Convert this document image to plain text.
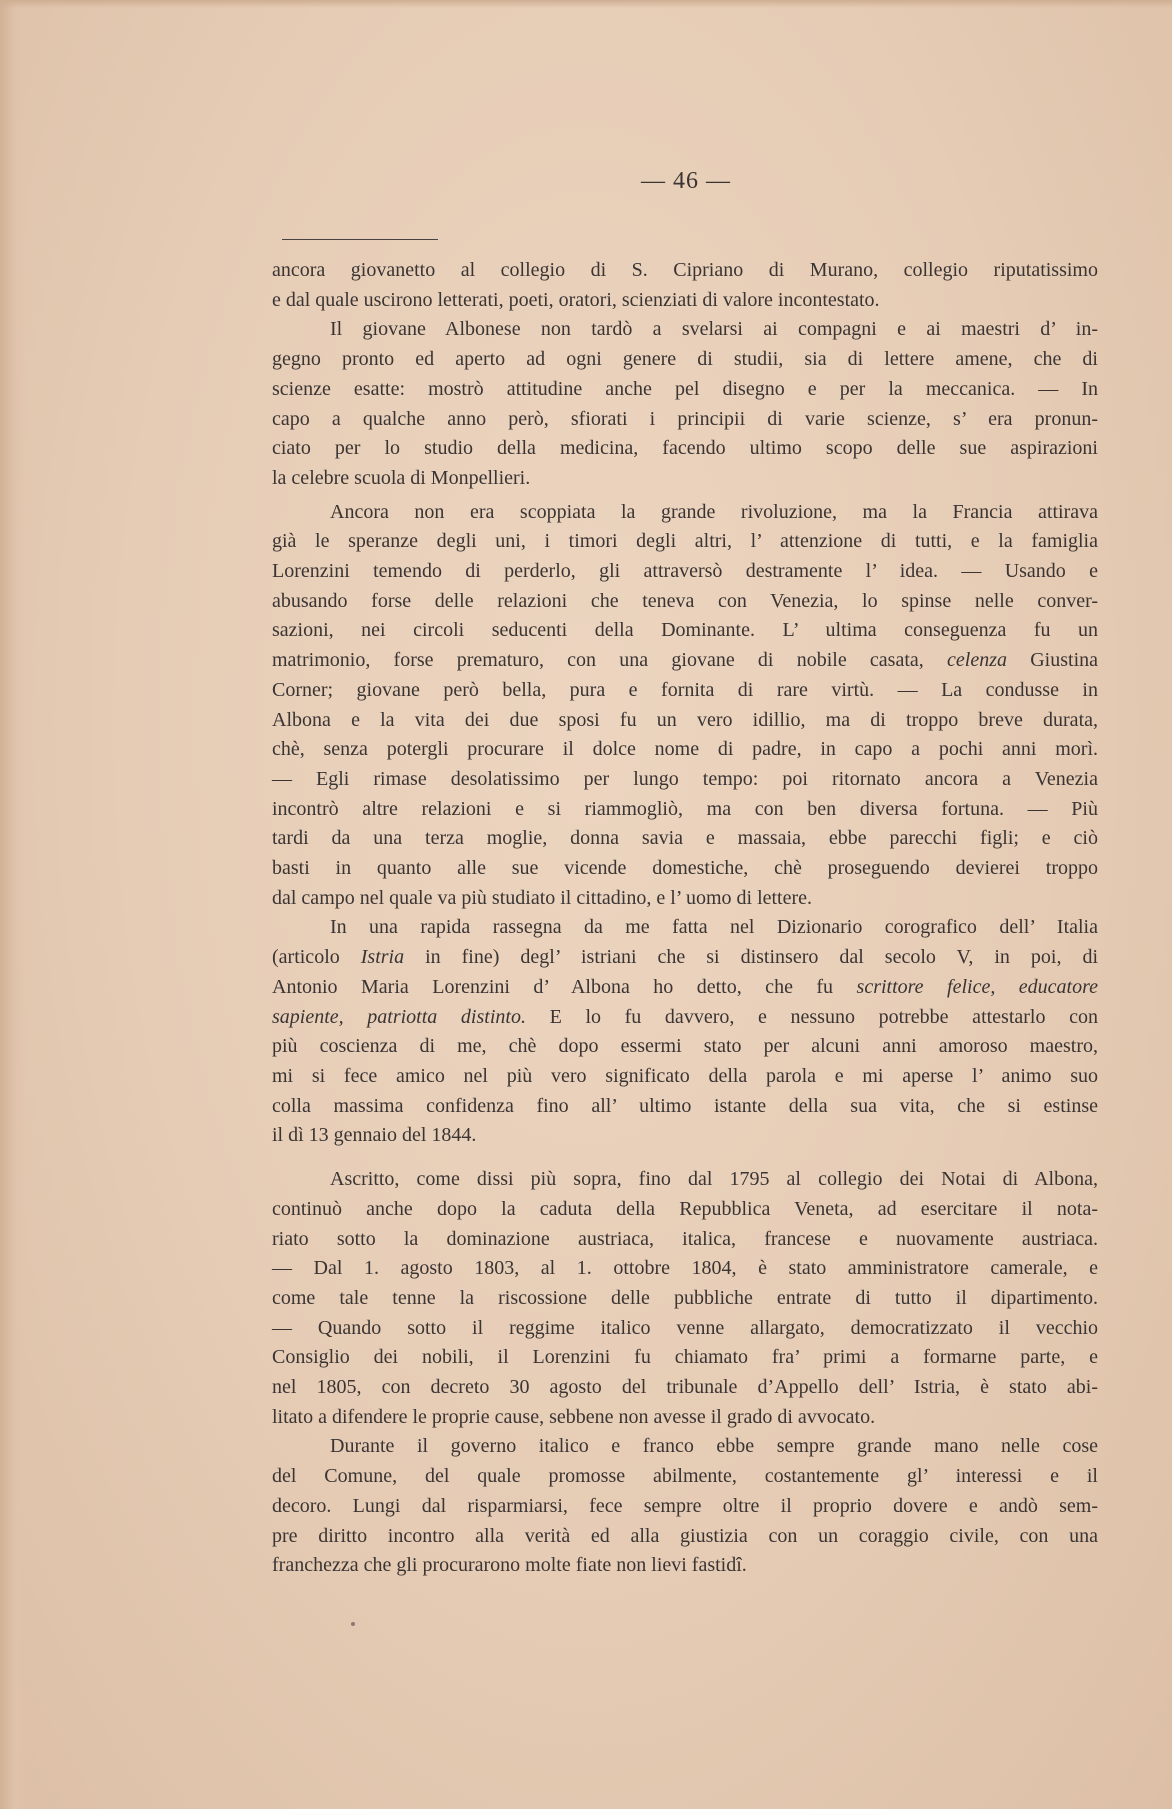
— 46 —
ancora giovanetto al collegio di S. Cipriano di Murano, collegio riputatissimo
e dal quale uscirono letterati, poeti, oratori, scienziati di valore incontestato.
Il giovane Albonese non tardò a svelarsi ai compagni e ai maestri d’ in-
gegno pronto ed aperto ad ogni genere di studii, sia di lettere amene, che di
scienze esatte: mostrò attitudine anche pel disegno e per la meccanica. — In
capo a qualche anno però, sfiorati i principii di varie scienze, s’ era pronun-
ciato per lo studio della medicina, facendo ultimo scopo delle sue aspirazioni
la celebre scuola di Monpellieri.
Ancora non era scoppiata la grande rivoluzione, ma la Francia attirava
già le speranze degli uni, i timori degli altri, l’ attenzione di tutti, e la famiglia
Lorenzini temendo di perderlo, gli attraversò destramente l’ idea. — Usando e
abusando forse delle relazioni che teneva con Venezia, lo spinse nelle conver-
sazioni, nei circoli seducenti della Dominante. L’ ultima conseguenza fu un
matrimonio, forse prematuro, con una giovane di nobile casata, celenza Giustina
Corner; giovane però bella, pura e fornita di rare virtù. — La condusse in
Albona e la vita dei due sposi fu un vero idillio, ma di troppo breve durata,
chè, senza potergli procurare il dolce nome di padre, in capo a pochi anni morì.
— Egli rimase desolatissimo per lungo tempo: poi ritornato ancora a Venezia
incontrò altre relazioni e si riammogliò, ma con ben diversa fortuna. — Più
tardi da una terza moglie, donna savia e massaia, ebbe parecchi figli; e ciò
basti in quanto alle sue vicende domestiche, chè proseguendo devierei troppo
dal campo nel quale va più studiato il cittadino, e l’ uomo di lettere.
In una rapida rassegna da me fatta nel Dizionario corografico dell’ Italia
(articolo Istria in fine) degl’ istriani che si distinsero dal secolo V, in poi, di
Antonio Maria Lorenzini d’ Albona ho detto, che fu scrittore felice, educatore
sapiente, patriotta distinto. E lo fu davvero, e nessuno potrebbe attestarlo con
più coscienza di me, chè dopo essermi stato per alcuni anni amoroso maestro,
mi si fece amico nel più vero significato della parola e mi aperse l’ animo suo
colla massima confidenza fino all’ ultimo istante della sua vita, che si estinse
il dì 13 gennaio del 1844.
Ascritto, come dissi più sopra, fino dal 1795 al collegio dei Notai di Albona,
continuò anche dopo la caduta della Repubblica Veneta, ad esercitare il nota-
riato sotto la dominazione austriaca, italica, francese e nuovamente austriaca.
— Dal 1. agosto 1803, al 1. ottobre 1804, è stato amministratore camerale, e
come tale tenne la riscossione delle pubbliche entrate di tutto il dipartimento.
— Quando sotto il reggime italico venne allargato, democratizzato il vecchio
Consiglio dei nobili, il Lorenzini fu chiamato fra’ primi a formarne parte, e
nel 1805, con decreto 30 agosto del tribunale d’Appello dell’ Istria, è stato abi-
litato a difendere le proprie cause, sebbene non avesse il grado di avvocato.
Durante il governo italico e franco ebbe sempre grande mano nelle cose
del Comune, del quale promosse abilmente, costantemente gl’ interessi e il
decoro. Lungi dal risparmiarsi, fece sempre oltre il proprio dovere e andò sem-
pre diritto incontro alla verità ed alla giustizia con un coraggio civile, con una
franchezza che gli procurarono molte fiate non lievi fastidî.
